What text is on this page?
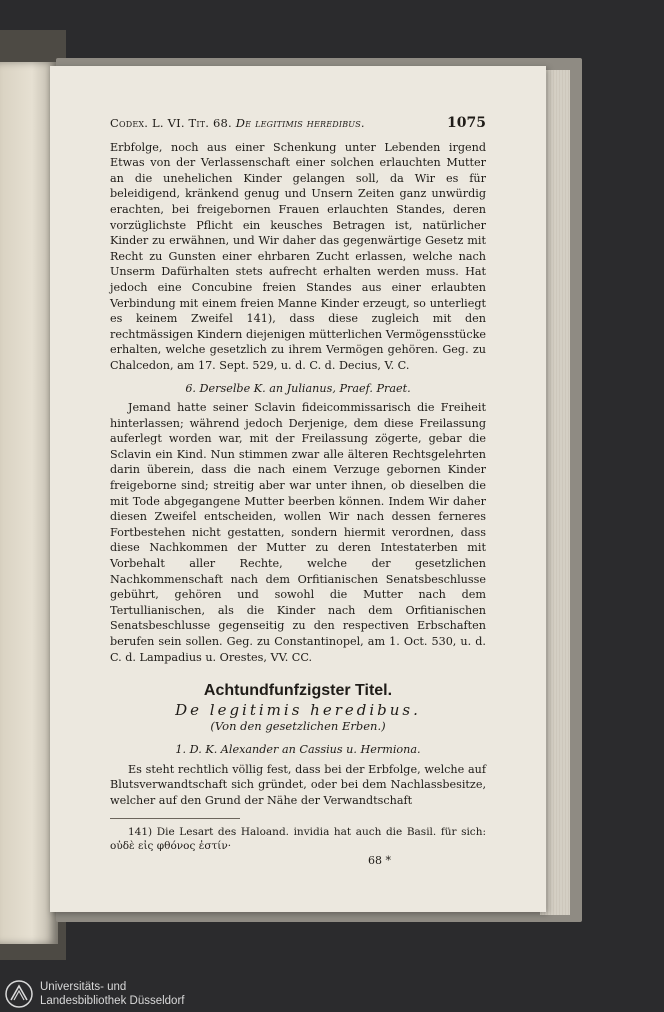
Codex. L. VI. Tit. 68. De legitimis heredibus.	1075

Erbfolge, noch aus einer Schenkung unter Lebenden irgend Etwas von der Verlassenschaft einer solchen erlauchten Mutter an die unehelichen Kinder gelangen soll, da Wir es für beleidigend, kränkend genug und Unsern Zeiten ganz unwürdig erachten, bei freigebornen Frauen erlauchten Standes, deren vorzüglichste Pflicht ein keusches Betragen ist, natürlicher Kinder zu erwähnen, und Wir daher das gegenwärtige Gesetz mit Recht zu Gunsten einer ehrbaren Zucht erlassen, welche nach Unserm Dafürhalten stets aufrecht erhalten werden muss. Hat jedoch eine Concubine freien Standes aus einer erlaubten Verbindung mit einem freien Manne Kinder erzeugt, so unterliegt es keinem Zweifel 141), dass diese zugleich mit den rechtmässigen Kindern diejenigen mütterlichen Vermögensstücke erhalten, welche gesetzlich zu ihrem Vermögen gehören. Geg. zu Chalcedon, am 17. Sept. 529, u. d. C. d. Decius, V. C.

6. Derselbe K. an Julianus, Praef. Praet.

Jemand hatte seiner Sclavin fideicommissarisch die Freiheit hinterlassen; während jedoch Derjenige, dem diese Freilassung auferlegt worden war, mit der Freilassung zögerte, gebar die Sclavin ein Kind. Nun stimmen zwar alle älteren Rechtsgelehrten darin überein, dass die nach einem Verzuge gebornen Kinder freigeborne sind; streitig aber war unter ihnen, ob dieselben die mit Tode abgegangene Mutter beerben können. Indem Wir daher diesen Zweifel entscheiden, wollen Wir nach dessen ferneres Fortbestehen nicht gestatten, sondern hiermit verordnen, dass diese Nachkommen der Mutter zu deren Intestaterben mit Vorbehalt aller Rechte, welche der gesetzlichen Nachkommenschaft nach dem Orfitianischen Senatsbeschlusse gebührt, gehören und sowohl die Mutter nach dem Tertullianischen, als die Kinder nach dem Orfitianischen Senatsbeschlusse gegenseitig zu den respectiven Erbschaften berufen sein sollen. Geg. zu Constantinopel, am 1. Oct. 530, u. d. C. d. Lampadius u. Orestes, VV. CC.

Achtundfunfzigster Titel.
De legitimis heredibus.
(Von den gesetzlichen Erben.)
1. D. K. Alexander an Cassius u. Hermiona.

Es steht rechtlich völlig fest, dass bei der Erbfolge, welche auf Blutsverwandtschaft sich gründet, oder bei dem Nachlassbesitze, welcher auf den Grund der Nähe der Verwandtschaft

141) Die Lesart des Haloand. invidia hat auch die Basil. für sich: οὐδὲ εἰς φθόνος ἐστίν·

68 *
Universitäts- und
Landesbibliothek Düsseldorf
